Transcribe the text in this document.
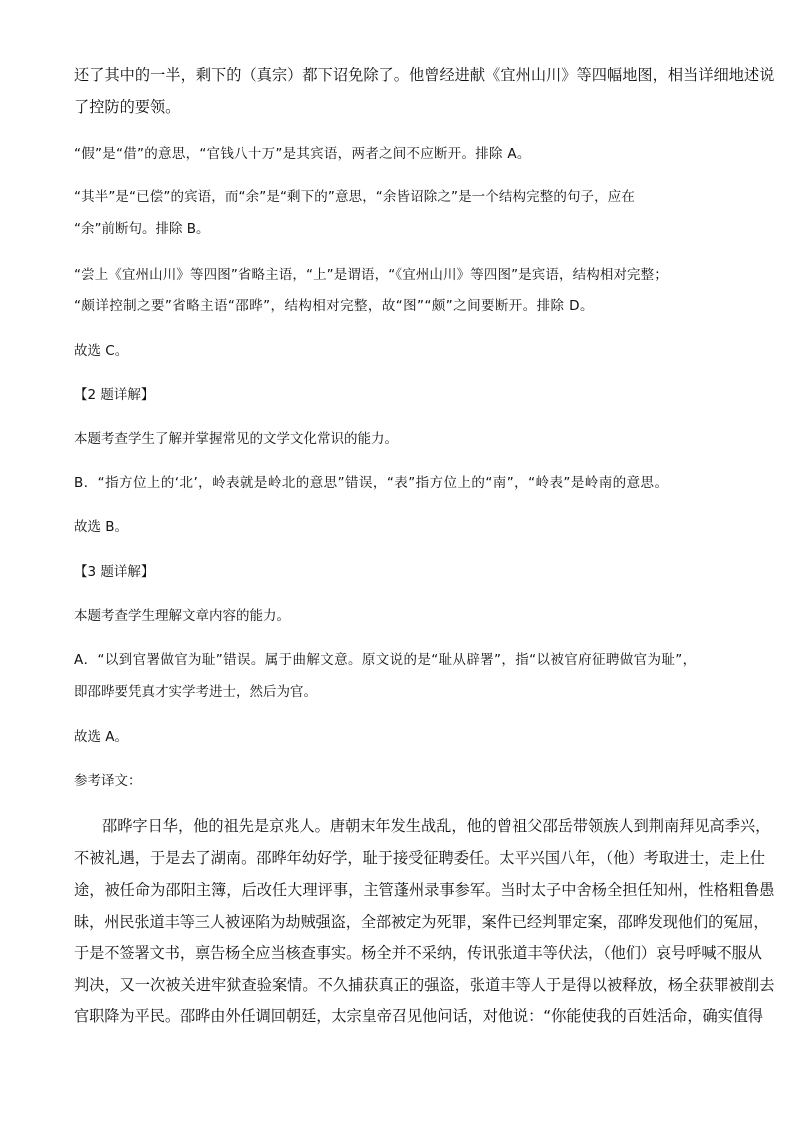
还了其中的一半，剩下的（真宗）都下诏免除了。他曾经进献《宜州山川》等四幅地图，相当详细地述说
了控防的要领。
“假”是“借”的意思，“官钱八十万”是其宾语，两者之间不应断开。排除 A。
“其半”是“已偿”的宾语，而“余”是“剩下的”意思，“余皆诏除之”是一个结构完整的句子，应在
“余”前断句。排除 B。
“尝上《宜州山川》等四图”省略主语，“上”是谓语，“《宜州山川》等四图”是宾语，结构相对完整；
“颇详控制之要”省略主语“邵晔”，结构相对完整，故“图”“颇”之间要断开。排除 D。
故选 C。
【2 题详解】
本题考查学生了解并掌握常见的文学文化常识的能力。
B．“指方位上的‘北’，岭表就是岭北的意思”错误，“表”指方位上的“南”，“岭表”是岭南的意思。
故选 B。
【3 题详解】
本题考查学生理解文章内容的能力。
A．“以到官署做官为耻”错误。属于曲解文意。原文说的是“耻从辟署”，指“以被官府征聘做官为耻”，
即邵晔要凭真才实学考进士，然后为官。
故选 A。
参考译文：
邵晔字日华，他的祖先是京兆人。唐朝末年发生战乱，他的曾祖父邵岳带领族人到荆南拜见高季兴，
不被礼遇，于是去了湖南。邵晔年幼好学，耻于接受征聘委任。太平兴国八年，（他）考取进士，走上仕
途，被任命为邵阳主簿，后改任大理评事，主管蓬州录事参军。当时太子中舍杨全担任知州，性格粗鲁愚
昧，州民张道丰等三人被诬陷为劫贼强盗，全部被定为死罪，案件已经判罪定案，邵晔发现他们的冤屈，
于是不签署文书，禀告杨全应当核查事实。杨全并不采纳，传讯张道丰等伏法，（他们）哀号呼喊不服从
判决，又一次被关进牢狱查验案情。不久捕获真正的强盗，张道丰等人于是得以被释放，杨全获罪被削去
官职降为平民。邵晔由外任调回朝廷，太宗皇帝召见他问话，对他说：“你能使我的百姓活命，确实值得
